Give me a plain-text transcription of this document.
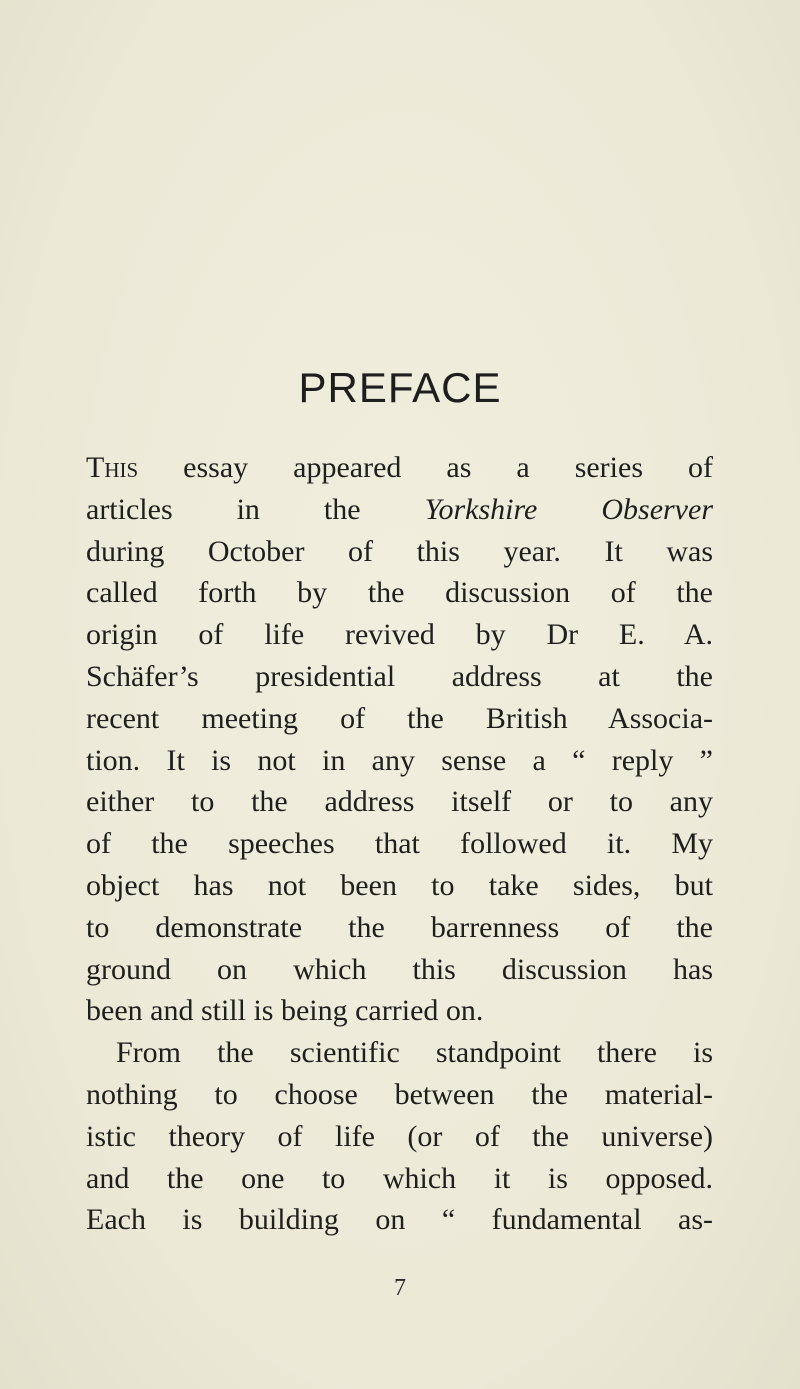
PREFACE
This essay appeared as a series of
articles in the Yorkshire Observer
during October of this year. It was
called forth by the discussion of the
origin of life revived by Dr E. A.
Schäfer’s presidential address at the
recent meeting of the British Associa-
tion. It is not in any sense a “ reply ”
either to the address itself or to any
of the speeches that followed it. My
object has not been to take sides, but
to demonstrate the barrenness of the
ground on which this discussion has
been and still is being carried on.
From the scientific standpoint there is
nothing to choose between the material-
istic theory of life (or of the universe)
and the one to which it is opposed.
Each is building on “ fundamental as-
7
